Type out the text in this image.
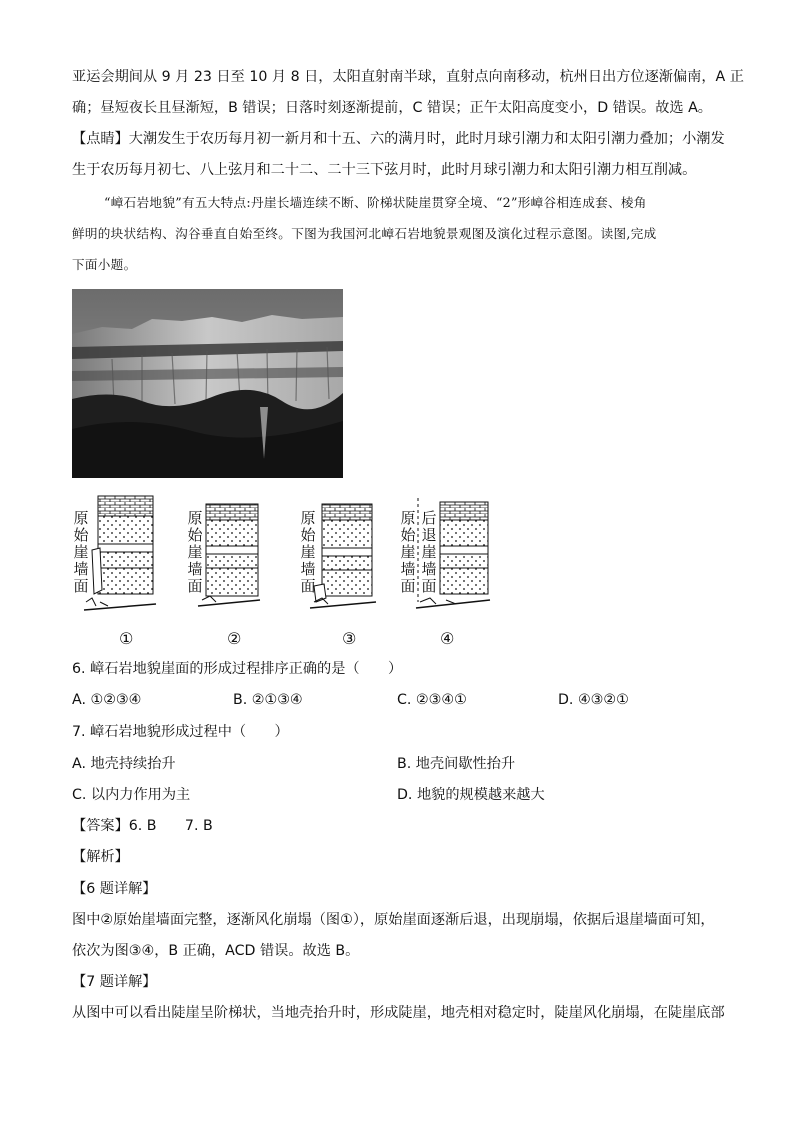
亚运会期间从 9 月 23 日至 10 月 8 日，太阳直射南半球，直射点向南移动，杭州日出方位逐渐偏南，A 正
确；昼短夜长且昼渐短，B 错误；日落时刻逐渐提前，C 错误；正午太阳高度变小，D 错误。故选 A。
【点睛】大潮发生于农历每月初一新月和十五、六的满月时，此时月球引潮力和太阳引潮力叠加；小潮发
生于农历每月初七、八上弦月和二十二、二十三下弦月时，此时月球引潮力和太阳引潮力相互削减。
“嶂石岩地貌”有五大特点:丹崖长墙连续不断、阶梯状陡崖贯穿全境、“2”形嶂谷相连成套、棱角
鲜明的块状结构、沟谷垂直自始至终。下图为我国河北嶂石岩地貌景观图及演化过程示意图。读图,完成
下面小题。
原
始
崖
墙
面
原
始
崖
墙
面
原
始
崖
墙
面
原
始
崖
墙
面
后
退
崖
墙
面
①	②	③	④
6. 嶂石岩地貌崖面的形成过程排序正确的是（　　）
A. ①②③④	B. ②①③④	C. ②③④①	D. ④③②①
7. 嶂石岩地貌形成过程中（　　）
A. 地壳持续抬升	B. 地壳间歇性抬升
C. 以内力作用为主	D. 地貌的规模越来越大
【答案】6. B　　7. B
【解析】
【6 题详解】
图中②原始崖墙面完整，逐渐风化崩塌（图①），原始崖面逐渐后退，出现崩塌，依据后退崖墙面可知，
依次为图③④，B 正确，ACD 错误。故选 B。
【7 题详解】
从图中可以看出陡崖呈阶梯状，当地壳抬升时，形成陡崖，地壳相对稳定时，陡崖风化崩塌，在陡崖底部
